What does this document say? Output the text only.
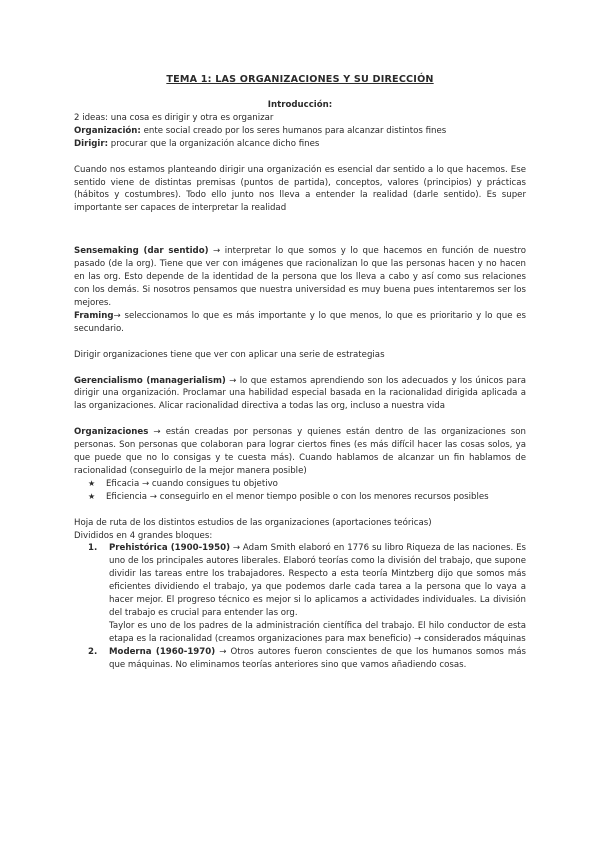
TEMA 1: LAS ORGANIZACIONES Y SU DIRECCIÓN

Introducción:

2 ideas: una cosa es dirigir y otra es organizar

Organización: ente social creado por los seres humanos para alcanzar distintos fines

Dirigir: procurar que la organización alcance dicho fines

Cuando nos estamos planteando dirigir una organización es esencial dar sentido a lo que hacemos. Ese sentido viene de distintas premisas (puntos de partida), conceptos, valores (principios) y prácticas (hábitos y costumbres). Todo ello junto nos lleva a entender la realidad (darle sentido). Es super importante ser capaces de interpretar la realidad

Sensemaking (dar sentido) → interpretar lo que somos y lo que hacemos en función de nuestro pasado (de la org). Tiene que ver con imágenes que racionalizan lo que las personas hacen y no hacen en las org. Esto depende de la identidad de la persona que los lleva a cabo y así como sus relaciones con los demás. Si nosotros pensamos que nuestra universidad es muy buena pues intentaremos ser los mejores.

Framing→ seleccionamos lo que es más importante y lo que menos, lo que es prioritario y lo que es secundario.

Dirigir organizaciones tiene que ver con aplicar una serie de estrategias

Gerencialismo (managerialism) → lo que estamos aprendiendo son los adecuados y los únicos para dirigir una organización. Proclamar una habilidad especial basada en la racionalidad dirigida aplicada a las organizaciones. Alicar racionalidad directiva a todas las org, incluso a nuestra vida

Organizaciones → están creadas por personas y quienes están dentro de las organizaciones son personas. Son personas que colaboran para lograr ciertos fines (es más difícil hacer las cosas solos, ya que puede que no lo consigas y te cuesta más). Cuando hablamos de alcanzar un fin hablamos de racionalidad (conseguirlo de la mejor manera posible)

★ Eficacia → cuando consigues tu objetivo
★ Eficiencia → conseguirlo en el menor tiempo posible o con los menores recursos posibles

Hoja de ruta de los distintos estudios de las organizaciones (aportaciones teóricas)

Divididos en 4 grandes bloques:

1. Prehistórica (1900-1950) → Adam Smith elaboró en 1776 su libro Riqueza de las naciones. Es uno de los principales autores liberales. Elaboró teorías como la división del trabajo, que supone dividir las tareas entre los trabajadores. Respecto a esta teoría Mintzberg dijo que somos más eficientes dividiendo el trabajo, ya que podemos darle cada tarea a la persona que lo vaya a hacer mejor. El progreso técnico es mejor si lo aplicamos a actividades individuales. La división del trabajo es crucial para entender las org.

Taylor es uno de los padres de la administración científica del trabajo. El hilo conductor de esta etapa es la racionalidad (creamos organizaciones para max beneficio) → considerados máquinas

2. Moderna (1960-1970) → Otros autores fueron conscientes de que los humanos somos más que máquinas. No eliminamos teorías anteriores sino que vamos añadiendo cosas.
